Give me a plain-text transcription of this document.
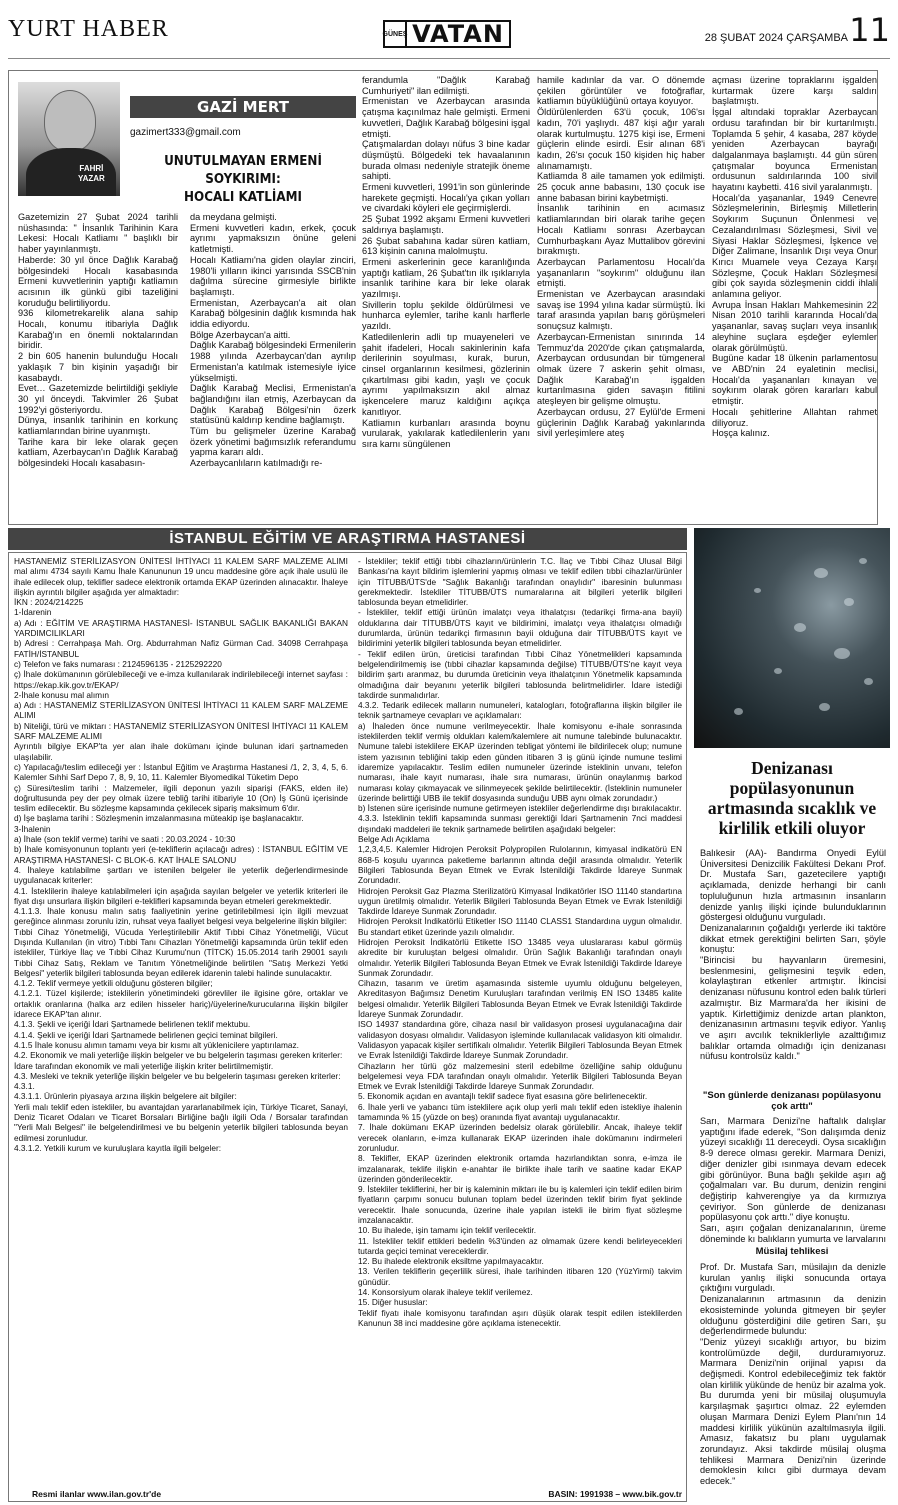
YURT HABER	GÜNEŞ VATAN	28 ŞUBAT 2024 ÇARŞAMBA 11
FAHRİ
YAZAR
GAZİ MERT
gazimert333@gmail.com
UNUTULMAYAN ERMENİ SOYKIRIMI:
HOCALI KATLİAMI
Gazetemizin 27 Şubat 2024 tarihli nüshasında: " İnsanlık Tarihinin Kara Lekesi: Hocalı Katliamı " başlıklı bir haber yayınlanmıştı.
Haberde: 30 yıl önce Dağlık Karabağ bölgesindeki Hocalı kasabasında Ermeni kuvvetlerinin yaptığı katliamın acısının ilk günkü gibi tazeliğini koruduğu belirtiliyordu.
936 kilometrekarelik alana sahip Hocalı, konumu itibariyla Dağlık Karabağ'ın en önemli noktalarından biridir.
2 bin 605 hanenin bulunduğu Hocalı yaklaşık 7 bin kişinin yaşadığı bir kasabaydı.
Evet… Gazetemizde belirtildiği şekliyle 30 yıl önceydi. Takvimler 26 Şubat 1992'yi gösteriyordu.
Dünya, insanlık tarihinin en korkunç katliamlarından birine uyanmıştı.
Tarihe kara bir leke olarak geçen katliam, Azerbaycan'ın Dağlık Karabağ bölgesindeki Hocalı kasabasın-
da meydana gelmişti.
Ermeni kuvvetleri kadın, erkek, çocuk ayrımı yapmaksızın önüne geleni katletmişti.
Hocalı Katliamı'na giden olaylar zinciri, 1980'li yılların ikinci yarısında SSCB'nin dağılma sürecine girmesiyle birlikte başlamıştı.
Ermenistan, Azerbaycan'a ait olan Karabağ bölgesinin dağlık kısmında hak iddia ediyordu.
Bölge Azerbaycan'a aitti.
Dağlık Karabağ bölgesindeki Ermenilerin 1988 yılında Azerbaycan'dan ayrılıp Ermenistan'a katılmak istemesiyle iyice yükselmişti.
Dağlık Karabağ Meclisi, Ermenistan'a bağlandığını ilan etmiş, Azerbaycan da Dağlık Karabağ Bölgesi'nin özerk statüsünü kaldırıp kendine bağlamıştı.
Tüm bu gelişmeler üzerine Karabağ özerk yönetimi bağımsızlık referandumu yapma kararı aldı.
Azerbaycanlıların katılmadığı re-
ferandumla "Dağlık Karabağ Cumhuriyeti" ilan edilmişti.
Ermenistan ve Azerbaycan arasında çatışma kaçınılmaz hale gelmişti. Ermeni kuvvetleri, Dağlık Karabağ bölgesini işgal etmişti.
Çatışmalardan dolayı nüfus 3 bine kadar düşmüştü. Bölgedeki tek havaalanının burada olması nedeniyle stratejik öneme sahipti.
Ermeni kuvvetleri, 1991'in son günlerinde harekete geçmişti. Hocalı'ya çıkan yolları ve civardaki köyleri ele geçirmişlerdi.
25 Şubat 1992 akşamı Ermeni kuvvetleri saldırıya başlamıştı.
26 Şubat sabahına kadar süren katliam, 613 kişinin canına malolmuştu.
Ermeni askerlerinin gece karanlığında yaptığı katliam, 26 Şubat'tın ilk ışıklarıyla insanlık tarihine kara bir leke olarak yazılmışı.
Sivillerin toplu şekilde öldürülmesi ve hunharca eylemler, tarihe kanlı harflerle yazıldı.
Katledilenlerin adli tıp muayeneleri ve şahit ifadeleri, Hocalı sakinlerinin kafa derilerinin soyulması, kurak, burun, cinsel organlarının kesilmesi, gözlerinin çıkartılması gibi kadın, yaşlı ve çocuk ayrımı yapılmaksızın akıl almaz işkencelere maruz kaldığını açıkça kanıtlıyor.
Katliamın kurbanları arasında boynu vurularak, yakılarak katledilenlerin yanı sıra karnı süngülenen
hamile kadınlar da var. O dönemde çekilen görüntüler ve fotoğraflar, katliamın büyüklüğünü ortaya koyuyor.
Öldürülenlerden 63'ü çocuk, 106'sı kadın, 70'i yaşlıydı. 487 kişi ağır yaralı olarak kurtulmuştu. 1275 kişi ise, Ermeni güçlerin elinde esirdi. Esir alınan 68'i kadın, 26'sı çocuk 150 kişiden hiç haber alınamamıştı.
Katliamda 8 aile tamamen yok edilmişti. 25 çocuk anne babasını, 130 çocuk ise anne babasan birini kaybetmişti.
İnsanlık tarihinin en acımasız katliamlarından biri olarak tarihe geçen Hocalı Katliamı sonrası Azerbaycan Cumhurbaşkanı Ayaz Muttalibov görevini bırakmıştı.
Azerbaycan Parlamentosu Hocalı'da yaşananların "soykırım" olduğunu ilan etmişti.
Ermenistan ve Azerbaycan arasındaki savaş ise 1994 yılına kadar sürmüştü. İki taraf arasında yapılan barış görüşmeleri sonuçsuz kalmıştı.
Azerbaycan-Ermenistan sınırında 14 Temmuz'da 2020'de çıkan çatışmalarda, Azerbaycan ordusundan bir tümgeneral olmak üzere 7 askerin şehit olması, Dağlık Karabağ'ın işgalden kurtarılmasına giden savaşın fitilini ateşleyen bir gelişme olmuştu.
Azerbaycan ordusu, 27 Eylül'de Ermeni güçlerinin Dağlık Karabağ yakınlarında sivil yerleşimlere ateş
açması üzerine topraklarını işgalden kurtarmak üzere karşı saldırı başlatmıştı.
İşgal altındaki topraklar Azerbaycan ordusu tarafından bir bir kurtarılmıştı. Toplamda 5 şehir, 4 kasaba, 287 köyde yeniden Azerbaycan bayrağı dalgalanmaya başlamıştı. 44 gün süren çatışmalar boyunca Ermenistan ordusunun saldırılarında 100 sivil hayatını kaybetti. 416 sivil yaralanmıştı.
Hocalı'da yaşananlar, 1949 Cenevre Sözleşmelerinin, Birleşmiş Milletlerin Soykırım Suçunun Önlenmesi ve Cezalandırılması Sözleşmesi, Sivil ve Siyasi Haklar Sözleşmesi, İşkence ve Diğer Zalimane, İnsanlık Dışı veya Onur Kırıcı Muamele veya Cezaya Karşı Sözleşme, Çocuk Hakları Sözleşmesi gibi çok sayıda sözleşmenin ciddi ihlali anlamına geliyor.
Avrupa İnsan Hakları Mahkemesinin 22 Nisan 2010 tarihli kararında Hocalı'da yaşananlar, savaş suçları veya insanlık aleyhine suçlara eşdeğer eylemler olarak görülmüştü.
Bugüne kadar 18 ülkenin parlamentosu ve ABD'nin 24 eyaletinin meclisi, Hocalı'da yaşananları kınayan ve soykırım olarak gören kararları kabul etmiştir.
Hocalı şehitlerine Allahtan rahmet diliyoruz.
Hoşça kalınız.
İSTANBUL EĞİTİM VE ARAŞTIRMA HASTANESİ
HASTANEMİZ STERİLİZASYON ÜNİTESİ İHTİYACI 11 KALEM SARF MALZEME ALIMI mal alımı 4734 sayılı Kamu İhale Kanununun 19 uncu maddesine göre açık ihale usulü ile ihale edilecek olup, teklifler sadece elektronik ortamda EKAP üzerinden alınacaktır. İhaleye ilişkin ayrıntılı bilgiler aşağıda yer almaktadır:
İKN : 2024/214225
1-İdarenin
a) Adı : EĞİTİM VE ARAŞTIRMA HASTANESİ- İSTANBUL SAĞLIK BAKANLIĞI BAKAN YARDIMCILIKLARI
b) Adresi : Cerrahpaşa Mah. Org. Abdurrahman Nafiz Gürman Cad. 34098 Cerrahpaşa FATİH/İSTANBUL
c) Telefon ve faks numarası : 2124596135 - 2125292220
ç) İhale dokümanının görülebileceği ve e-imza kullanılarak indirilebileceği internet sayfası : https://ekap.kik.gov.tr/EKAP/
2-İhale konusu mal alımın
a) Adı : HASTANEMİZ STERİLİZASYON ÜNİTESİ İHTİYACI 11 KALEM SARF MALZEME ALIMI
b) Niteliği, türü ve miktarı : HASTANEMİZ STERİLİZASYON ÜNİTESİ İHTİYACI 11 KALEM SARF MALZEME ALIMI
Ayrıntılı bilgiye EKAP'ta yer alan ihale dokümanı içinde bulunan idari şartnameden ulaşılabilir.
c) Yapılacağı/teslim edileceği yer : İstanbul Eğitim ve Araştırma Hastanesi /1, 2, 3, 4, 5, 6. Kalemler Sıhhi Sarf Depo 7, 8, 9, 10, 11. Kalemler Biyomedikal Tüketim Depo
ç) Süresi/teslim tarihi : Malzemeler, ilgili deponun yazılı siparişi (FAKS, elden ile) doğrultusunda pey der pey olmak üzere tebliğ tarihi itibariyle 10 (On) İş Günü içerisinde teslim edilecektir. Bu sözleşme kapsamında çekilecek sipariş maksimum 6'dır.
d) İşe başlama tarihi : Sözleşmenin imzalanmasına müteakip işe başlanacaktır.
3-İhalenin
a) İhale (son teklif verme) tarihi ve saati : 20.03.2024 - 10:30
b) İhale komisyonunun toplantı yeri (e-tekliflerin açılacağı adres) : İSTANBUL EĞİTİM VE ARAŞTIRMA HASTANESİ- C BLOK-6. KAT İHALE SALONU
4. İhaleye katılabilme şartları ve istenilen belgeler ile yeterlik değerlendirmesinde uygulanacak kriterler:
4.1. İsteklilerin ihaleye katılabilmeleri için aşağıda sayılan belgeler ve yeterlik kriterleri ile fiyat dışı unsurlara ilişkin bilgileri e-teklifleri kapsamında beyan etmeleri gerekmektedir.
4.1.1.3. İhale konusu malın satış faaliyetinin yerine getirilebilmesi için ilgili mevzuat gereğince alınması zorunlu izin, ruhsat veya faaliyet belgesi veya belgelerine ilişkin bilgiler:
Tıbbi Cihaz Yönetmeliği, Vücuda Yerleştirilebilir Aktif Tıbbi Cihaz Yönetmeliği, Vücut Dışında Kullanılan (in vitro) Tıbbi Tanı Cihazları Yönetmeliği kapsamında ürün teklif eden istekliler, Türkiye İlaç ve Tıbbi Cihaz Kurumu'nun (TİTCK) 15.05.2014 tarih 29001 sayılı Tıbbi Cihaz Satış, Reklam ve Tanıtım Yönetmeliğinde belirtilen "Satış Merkezi Yetki Belgesi" yeterlik bilgileri tablosunda beyan edilerek idarenin talebi halinde sunulacaktır.
4.1.2. Teklif vermeye yetkili olduğunu gösteren bilgiler;
4.1.2.1. Tüzel kişilerde; isteklilerin yönetimindeki görevliler ile ilgisine göre, ortaklar ve ortaklık oranlarına (halka arz edilen hisseler hariç)/üyelerine/kurucularına ilişkin bilgiler idarece EKAP'tan alınır.
4.1.3. Şekli ve içeriği İdari Şartnamede belirlenen teklif mektubu.
4.1.4. Şekli ve içeriği İdari Şartnamede belirlenen geçici teminat bilgileri.
4.1.5 İhale konusu alımın tamamı veya bir kısmı alt yüklenicilere yaptırılamaz.
4.2. Ekonomik ve mali yeterliğe ilişkin belgeler ve bu belgelerin taşıması gereken kriterler:
İdare tarafından ekonomik ve mali yeterliğe ilişkin kriter belirtilmemiştir.
4.3. Mesleki ve teknik yeterliğe ilişkin belgeler ve bu belgelerin taşıması gereken kriterler:
4.3.1.
4.3.1.1. Ürünlerin piyasaya arzına ilişkin belgelere ait bilgiler:
Yerli malı teklif eden istekliler, bu avantajdan yararlanabilmek için, Türkiye Ticaret, Sanayi, Deniz Ticaret Odaları ve Ticaret Borsaları Birliğine bağlı ilgili Oda / Borsalar tarafından "Yerli Malı Belgesi" ile belgelendirilmesi ve bu belgenin yeterlik bilgileri tablosunda beyan edilmesi zorunludur.
4.3.1.2. Yetkili kurum ve kuruluşlara kayıtla ilgili belgeler:
- İstekliler; teklif ettiği tıbbi cihazların/ürünlerin T.C. İlaç ve Tıbbi Cihaz Ulusal Bilgi Bankası'na kayıt bildirim işlemlerini yapmış olması ve teklif edilen tıbbi cihazlar/ürünler için TİTUBB/ÜTS'de "Sağlık Bakanlığı tarafından onaylıdır" ibaresinin bulunması gerekmektedir. İstekliler TİTUBB/ÜTS numaralarına ait bilgileri yeterlik bilgileri tablosunda beyan etmelidirler.
- İstekliler, teklif ettiği ürünün imalatçı veya ithalatçısı (tedarikçi firma-ana bayii) olduklarına dair TİTUBB/ÜTS kayıt ve bildirimini, imalatçı veya ithalatçısı olmadığı durumlarda, ürünün tedarikçi firmasının bayii olduğuna dair TİTUBB/ÜTS kayıt ve bildirimini yeterlik bilgileri tablosunda beyan etmelidirler.
- Teklif edilen ürün, üreticisi tarafından Tıbbi Cihaz Yönetmelikleri kapsamında belgelendirilmemiş ise (tıbbi cihazlar kapsamında değilse) TİTUBB/ÜTS'ne kayıt veya bildirim şartı aranmaz, bu durumda üreticinin veya ithalatçının Yönetmelik kapsamında olmadığına dair beyanını yeterlik bilgileri tablosunda belirtmelidirler. İdare istediği takdirde sunmalıdırlar.
4.3.2. Tedarik edilecek malların numuneleri, katalogları, fotoğraflarına ilişkin bilgiler ile teknik şartnameye cevapları ve açıklamaları:
a) İhaleden önce numune verilmeyecektir. İhale komisyonu e-ihale sonrasında isteklilerden teklif vermiş oldukları kalem/kalemlere ait numune talebinde bulunacaktır. Numune talebi isteklilere EKAP üzerinden tebligat yöntemi ile bildirilecek olup; numune istem yazısının tebliğini takip eden günden itibaren 3 iş günü içinde numune teslimi idaremize yapılacaktır. Teslim edilen numuneler üzerinde isteklinin unvanı, telefon numarası, ihale kayıt numarası, ihale sıra numarası, ürünün onaylanmış barkod numarası kolay çıkmayacak ve silinmeyecek şekilde belirtilecektir. (İsteklinin numuneler üzerinde belirttiği UBB ile teklif dosyasında sunduğu UBB aynı olmak zorundadır.)
b) İstenen süre içerisinde numune getirmeyen istekliler değerlendirme dışı bırakılacaktır.
4.3.3. İsteklinin teklifi kapsamında sunması gerektiği İdari Şartnamenin 7nci maddesi dışındaki maddeleri ile teknik şartnamede belirtilen aşağıdaki belgeler:
Belge Adı Açıklama
1,2,3,4,5. Kalemler Hidrojen Peroksit Polypropilen Rulolarının, kimyasal indikatörü EN 868-5 koşulu uyarınca paketleme barlarının altında değil arasında olmalıdır. Yeterlik Bilgileri Tablosunda Beyan Etmek ve Evrak İstenildiği Takdirde İdareye Sunmak Zorundadır.
Hidrojen Peroksit Gaz Plazma Sterilizatörü Kimyasal İndikatörler ISO 11140 standartına uygun üretilmiş olmalıdır. Yeterlik Bilgileri Tablosunda Beyan Etmek ve Evrak İstenildiği Takdirde İdareye Sunmak Zorundadır.
Hidrojen Peroksit İndikatörlü Etiketler ISO 11140 CLASS1 Standardına uygun olmalıdır. Bu standart etiket üzerinde yazılı olmalıdır.
Hidrojen Peroksit İndikatörlü Etikette ISO 13485 veya uluslararası kabul görmüş akredite bir kuruluştan belgesi olmalıdır. Ürün Sağlık Bakanlığı tarafından onaylı olmalıdır. Yeterlik Bilgileri Tablosunda Beyan Etmek ve Evrak İstenildiği Takdirde İdareye Sunmak Zorundadır.
Cihazın, tasarım ve üretim aşamasında sistemle uyumlu olduğunu belgeleyen, Akreditasyon Bağımsız Denetim Kuruluşları tarafından verilmiş EN ISO 13485 kalite belgesi olmalıdır. Yeterlik Bilgileri Tablosunda Beyan Etmek ve Evrak İstenildiği Takdirde İdareye Sunmak Zorundadır.
ISO 14937 standardına göre, cihaza nasıl bir validasyon prosesi uygulanacağına dair validasyon dosyası olmalıdır. Validasyon işleminde kullanılacak validasyon kiti olmalıdır. Validasyon yapacak kişiler sertifikalı olmalıdır. Yeterlik Bilgileri Tablosunda Beyan Etmek ve Evrak İstenildiği Takdirde İdareye Sunmak Zorundadır.
Cihazların her türlü göz malzemesini steril edebilme özelliğine sahip olduğunu belgelemesi veya FDA tarafından onaylı olmalıdır. Yeterlik Bilgileri Tablosunda Beyan Etmek ve Evrak İstenildiği Takdirde İdareye Sunmak Zorundadır.
5. Ekonomik açıdan en avantajlı teklif sadece fiyat esasına göre belirlenecektir.
6. İhale yerli ve yabancı tüm isteklilere açık olup yerli malı teklif eden istekliye ihalenin tamamında % 15 (yüzde on beş) oranında fiyat avantajı uygulanacaktır.
7. İhale dokümanı EKAP üzerinden bedelsiz olarak görülebilir. Ancak, ihaleye teklif verecek olanların, e-imza kullanarak EKAP üzerinden ihale dokümanını indirmeleri zorunludur.
8. Teklifler, EKAP üzerinden elektronik ortamda hazırlandıktan sonra, e-imza ile imzalanarak, teklife ilişkin e-anahtar ile birlikte ihale tarih ve saatine kadar EKAP üzerinden gönderilecektir.
9. İstekliler tekliflerini, her bir iş kaleminin miktarı ile bu iş kalemleri için teklif edilen birim fiyatların çarpımı sonucu bulunan toplam bedel üzerinden teklif birim fiyat şeklinde verecektir. İhale sonucunda, üzerine ihale yapılan istekli ile birim fiyat sözleşme imzalanacaktır.
10. Bu ihalede, işin tamamı için teklif verilecektir.
11. İstekliler teklif ettikleri bedelin %3'ünden az olmamak üzere kendi belirleyecekleri tutarda geçici teminat vereceklerdir.
12. Bu ihalede elektronik eksiltme yapılmayacaktır.
13. Verilen tekliflerin geçerlilik süresi, ihale tarihinden itibaren 120 (YüzYirmi) takvim günüdür.
14. Konsorsiyum olarak ihaleye teklif verilemez.
15. Diğer hususlar:
Teklif fiyatı ihale komisyonu tarafından aşırı düşük olarak tespit edilen isteklilerden Kanunun 38 inci maddesine göre açıklama istenecektir.
Resmi ilanlar www.ilan.gov.tr'de	BASIN: 1991938 – www.bik.gov.tr
Denizanası popülasyonunun artmasında sıcaklık ve kirlilik etkili oluyor
Balıkesir (AA)- Bandırma Onyedi Eylül Üniversitesi Denizcilik Fakültesi Dekanı Prof. Dr. Mustafa Sarı, gazetecilere yaptığı açıklamada, denizde herhangi bir canlı topluluğunun hızla artmasının insanların denizde yanlış ilişki içinde bulunduklarının göstergesi olduğunu vurguladı.
Denizanalarının çoğaldığı yerlerde iki taktöre dikkat etmek gerektiğini belirten Sarı, şöyle konuştu:
"Birincisi bu hayvanların üremesini, beslenmesini, gelişmesini teşvik eden, kolaylaştıran etkenler artmıştır. İkincisi denizanası nüfusunu kontrol eden balık türleri azalmıştır. Biz Marmara'da her ikisini de yaptık. Kirlettiğimiz denizde artan plankton, denizanasının artmasını teşvik ediyor. Yanlış ve aşırı avcılık tekniklerliyle azalttığımız balıklar ortamda olmadığı için denizanası nüfusu kontrolsüz kaldı."
"Son günlerde denizanası popülasyonu çok arttı"
Sarı, Marmara Denizi'ne haftalık dalışlar yaptığını ifade ederek, "Son dalışımda deniz yüzeyi sıcaklığı 11 dereceydi. Oysa sıcaklığın 8-9 derece olması gerekir. Marmara Denizi, diğer denizler gibi ısınmaya devam edecek gibi görünüyor. Buna bağlı şekilde aşırı ağ çoğalmaları var. Bu durum, denizin rengini değiştirip kahverengiye ya da kırmızıya çeviriyor. Son günlerde de denizanası popülasyonu çok arttı." diye konuştu.
Sarı, aşırı çoğalan denizanalarının, üreme döneminde kı balıkların yumurta ve larvalarını
Müsilaj tehlikesi
Prof. Dr. Mustafa Sarı, müsilajın da denizle kurulan yanlış ilişki sonucunda ortaya çıktığını vurguladı.
Denizanalarının artmasının da denizin ekosisteminde yolunda gitmeyen bir şeyler olduğunu gösterdiğini dile getiren Sarı, şu değerlendirmede bulundu:
"Deniz yüzeyi sıcaklığı artıyor, bu bizim kontrolümüzde değil, durduramıyoruz. Marmara Denizi'nin orijinal yapısı da değişmedi. Kontrol edebileceğimiz tek faktör olan kirlilik yükünde de henüz bir azalma yok. Bu durumda yeni bir müsilaj oluşumuyla karşılaşmak şaşırtıcı olmaz. 22 eylemden oluşan Marmara Denizi Eylem Planı'nın 14 maddesi kirlilik yükünün azaltılmasıyla ilgili. Amasız, fakatsız bu planı uygulamak zorundayız. Aksi takdirde müsilaj oluşma tehlikesi Marmara Denizi'nin üzerinde demoklesin kılıcı gibi durmaya devam edecek."
